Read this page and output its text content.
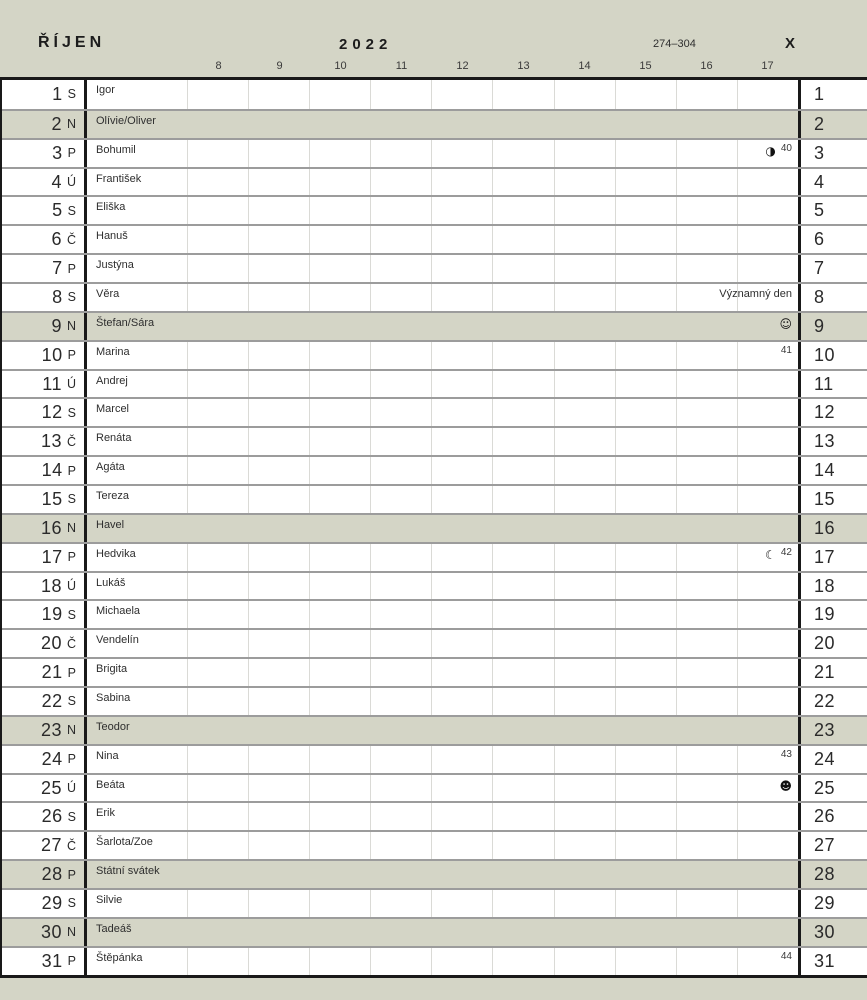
ŘÍJEN	2022	274–304	X
8	9	10	11	12	13	14	15	16	17
1 S Igor	1
2 N Olívie/Oliver	2
3 P Bohumil	◑ 40 3
4 Ú František	4
5 S Eliška	5
6 Č Hanuš	6
7 P Justýna	7
8 S Věra	Významný den 8
9 N Štefan/Sára	☺ 9
10 P Marina	41 10
11 Ú Andrej	11
12 S Marcel	12
13 Č Renáta	13
14 P Agáta	14
15 S Tereza	15
16 N Havel	16
17 P Hedvika	☾ 42 17
18 Ú Lukáš	18
19 S Michaela	19
20 Č Vendelín	20
21 P Brigita	21
22 S Sabina	22
23 N Teodor	23
24 P Nina	43 24
25 Ú Beáta	☻ 25
26 S Erik	26
27 Č Šarlota/Zoe	27
28 P Státní svátek	28
29 S Silvie	29
30 N Tadeáš	30
31 P Štěpánka	44 31
